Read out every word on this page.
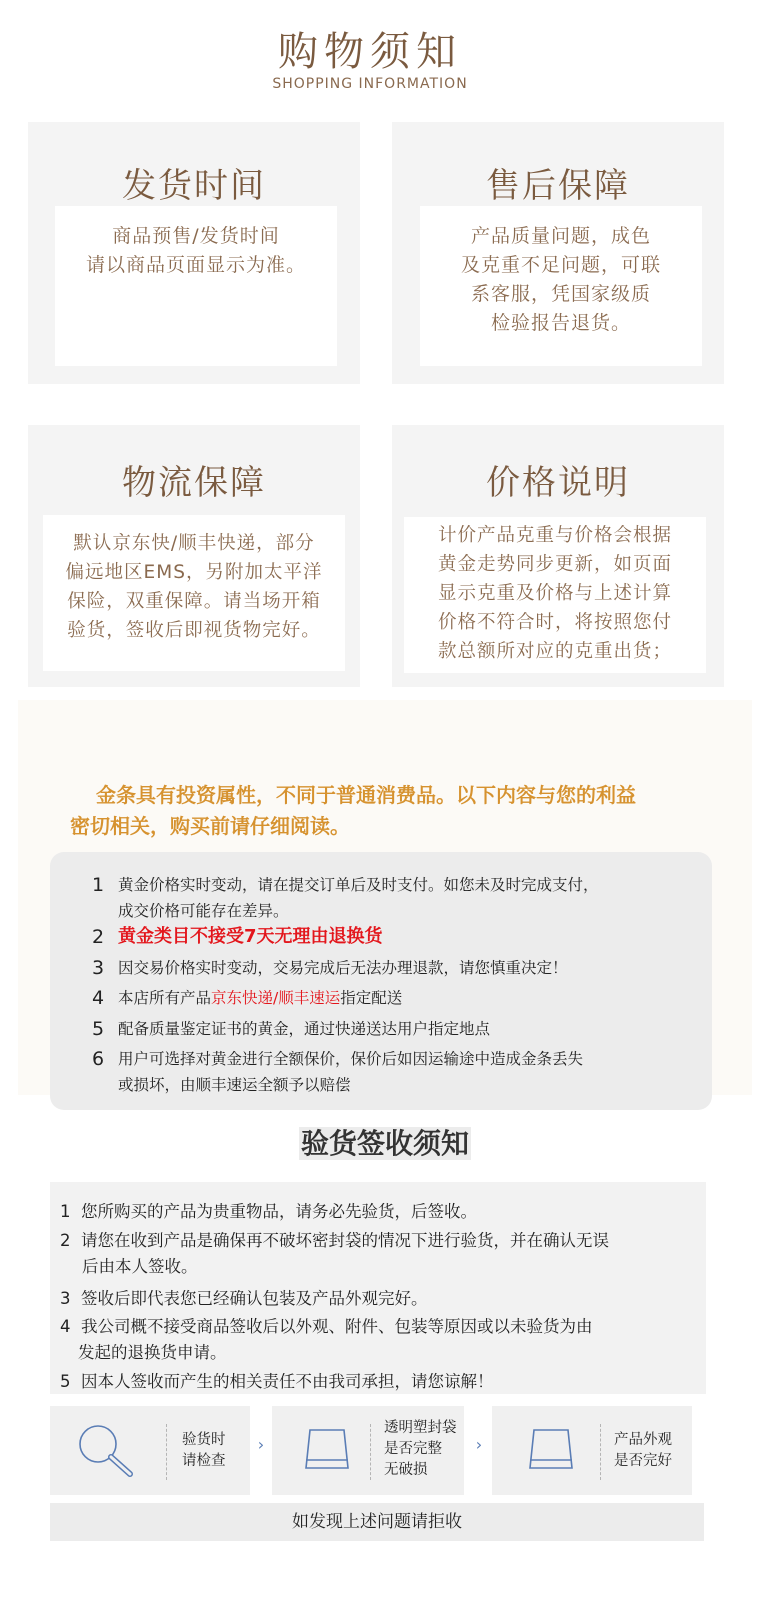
购物须知
SHOPPING INFORMATION
发货时间
商品预售/发货时间
请以商品页面显示为准。
售后保障
产品质量问题，成色
及克重不足问题，可联
系客服，凭国家级质
检验报告退货。
物流保障
默认京东快/顺丰快递，部分
偏远地区EMS，另附加太平洋
保险，双重保障。请当场开箱
验货，签收后即视货物完好。
价格说明
计价产品克重与价格会根据
黄金走势同步更新，如页面
显示克重及价格与上述计算
价格不符合时，将按照您付
款总额所对应的克重出货；
金条具有投资属性，不同于普通消费品。以下内容与您的利益
密切相关，购买前请仔细阅读。
1 黄金价格实时变动，请在提交订单后及时支付。如您未及时完成支付，
成交价格可能存在差异。
2 黄金类目不接受7天无理由退换货
3 因交易价格实时变动，交易完成后无法办理退款，请您慎重决定！
4 本店所有产品京东快递/顺丰速运指定配送
5 配备质量鉴定证书的黄金，通过快递送达用户指定地点
6 用户可选择对黄金进行全额保价，保价后如因运输途中造成金条丢失
或损坏，由顺丰速运全额予以赔偿
验货签收须知
1 您所购买的产品为贵重物品，请务必先验货，后签收。
2 请您在收到产品是确保再不破坏密封袋的情况下进行验货，并在确认无误
后由本人签收。
3 签收后即代表您已经确认包装及产品外观完好。
4 我公司概不接受商品签收后以外观、附件、包装等原因或以未验货为由
发起的退换货申请。
5 因本人签收而产生的相关责任不由我司承担，请您谅解！
验货时
请检查
›
透明塑封袋
是否完整
无破损
›	产品外观
是否完好
如发现上述问题请拒收
